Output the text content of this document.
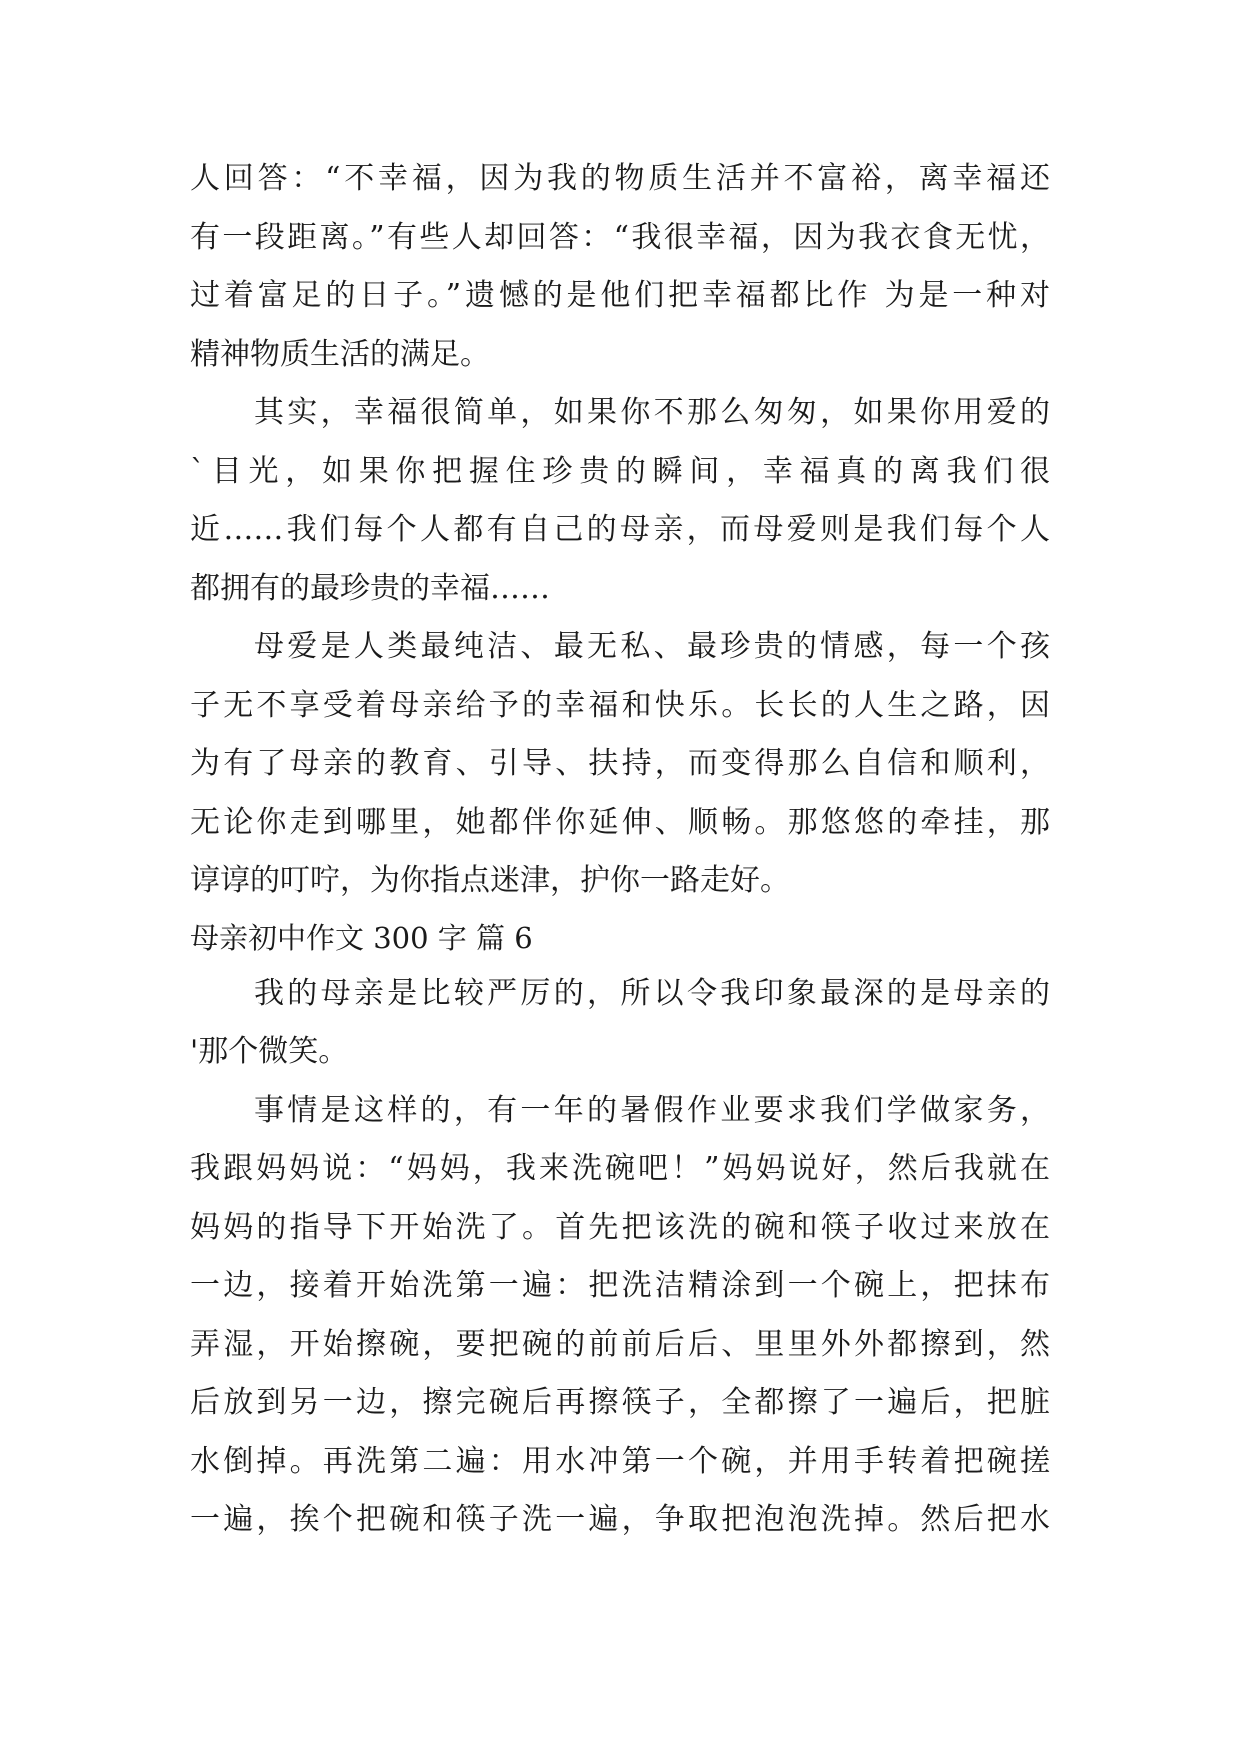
人回答：“不幸福，因为我的物质生活并不富裕，离幸福还
有一段距离。”有些人却回答：“我很幸福，因为我衣食无忧，
过着富足的日子。”遗憾的是他们把幸福都比作 为是一种对
精神物质生活的满足。
其实，幸福很简单，如果你不那么匆匆，如果你用爱的
`目光，如果你把握住珍贵的瞬间，幸福真的离我们很
近……我们每个人都有自己的母亲，而母爱则是我们每个人
都拥有的最珍贵的幸福……
母爱是人类最纯洁、最无私、最珍贵的情感，每一个孩
子无不享受着母亲给予的幸福和快乐。长长的人生之路，因
为有了母亲的教育、引导、扶持，而变得那么自信和顺利，
无论你走到哪里，她都伴你延伸、顺畅。那悠悠的牵挂，那
谆谆的叮咛，为你指点迷津，护你一路走好。
母亲初中作文 300 字 篇 6
我的母亲是比较严厉的，所以令我印象最深的是母亲的
'那个微笑。
事情是这样的，有一年的暑假作业要求我们学做家务，
我跟妈妈说：“妈妈，我来洗碗吧！”妈妈说好，然后我就在
妈妈的指导下开始洗了。首先把该洗的碗和筷子收过来放在
一边，接着开始洗第一遍：把洗洁精涂到一个碗上，把抹布
弄湿，开始擦碗，要把碗的前前后后、里里外外都擦到，然
后放到另一边，擦完碗后再擦筷子，全都擦了一遍后，把脏
水倒掉。再洗第二遍：用水冲第一个碗，并用手转着把碗搓
一遍，挨个把碗和筷子洗一遍，争取把泡泡洗掉。然后把水
